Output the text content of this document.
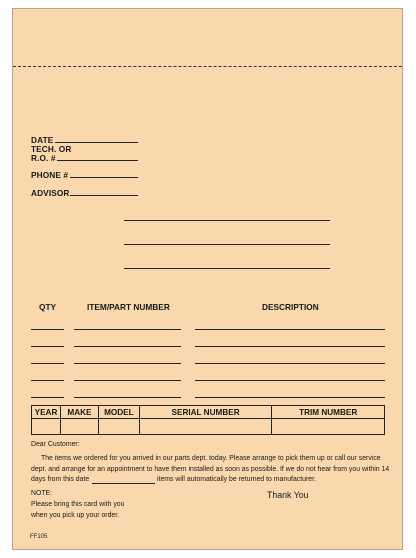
DATE
TECH. OR
R.O. #
PHONE #
ADVISOR
QTY	ITEM/PART NUMBER	DESCRIPTION
YEAR	MAKE	MODEL	SERIAL NUMBER	TRIM NUMBER

Dear Customer:
The items we ordered for you arrived in our parts dept. today. Please arrange to pick them up or call our service
dept. and arrange for an appointment to have them installed as soon as possible. If we do not hear from you within 14
days from this date	items will automatically be returned to manufacturer.
NOTE:
Please bring this card with you
when you pick up your order.
Thank You
FF105
